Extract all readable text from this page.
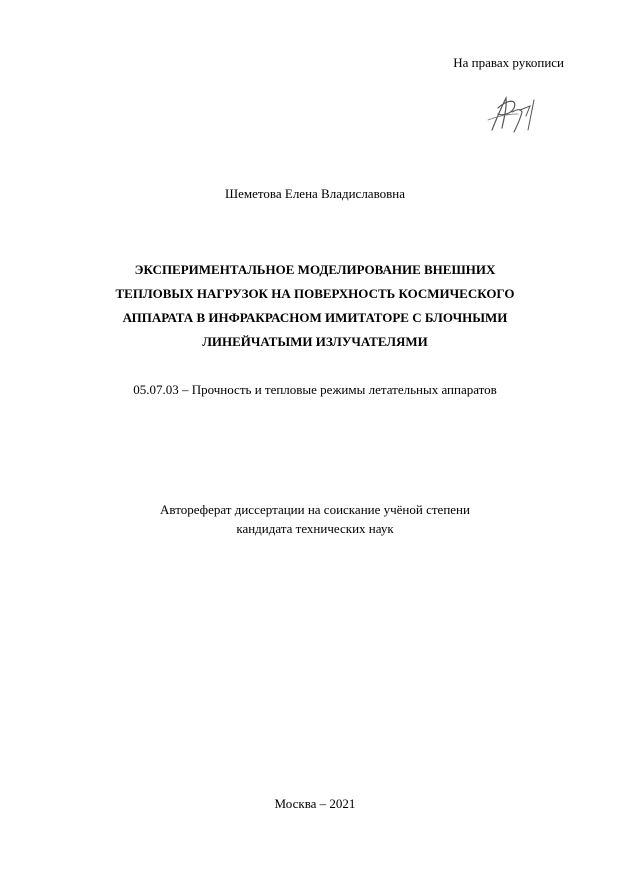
На правах рукописи
Шеметова Елена Владиславовна
ЭКСПЕРИМЕНТАЛЬНОЕ МОДЕЛИРОВАНИЕ ВНЕШНИХ
ТЕПЛОВЫХ НАГРУЗОК НА ПОВЕРХНОСТЬ КОСМИЧЕСКОГО
АППАРАТА В ИНФРАКРАСНОМ ИМИТАТОРЕ С БЛОЧНЫМИ
ЛИНЕЙЧАТЫМИ ИЗЛУЧАТЕЛЯМИ
05.07.03 – Прочность и тепловые режимы летательных аппаратов
Автореферат диссертации на соискание учёной степени
кандидата технических наук
Москва – 2021
